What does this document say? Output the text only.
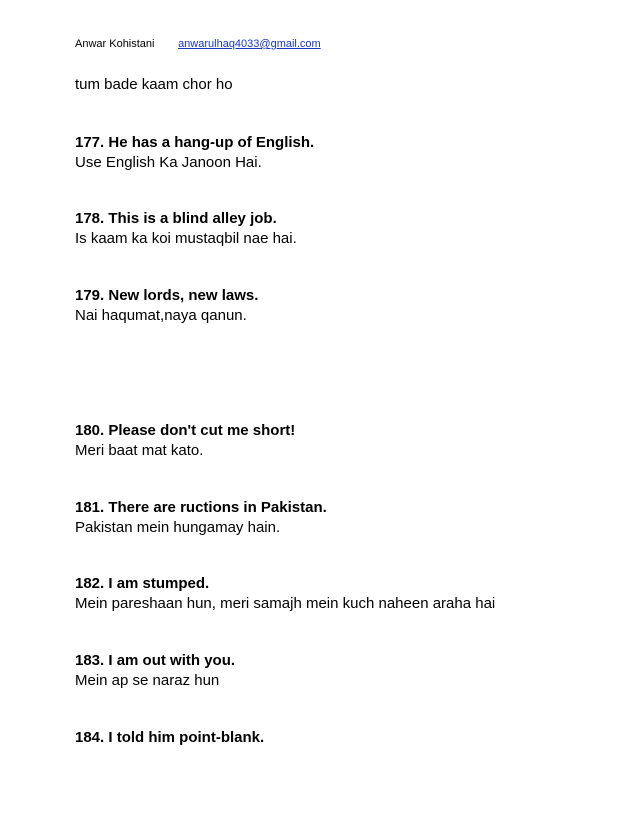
Anwar Kohistani anwarulhaq4033@gmail.com
tum bade kaam chor ho
177. He has a hang-up of English.
Use English Ka Janoon Hai.
178. This is a blind alley job.
Is kaam ka koi mustaqbil nae hai.
179. New lords, new laws.
Nai haqumat,naya qanun.
180. Please don't cut me short!
Meri baat mat kato.
181. There are ructions in Pakistan.
Pakistan mein hungamay hain.
182. I am stumped.
Mein pareshaan hun, meri samajh mein kuch naheen araha hai
183. I am out with you.
Mein ap se naraz hun
184. I told him point-blank.
